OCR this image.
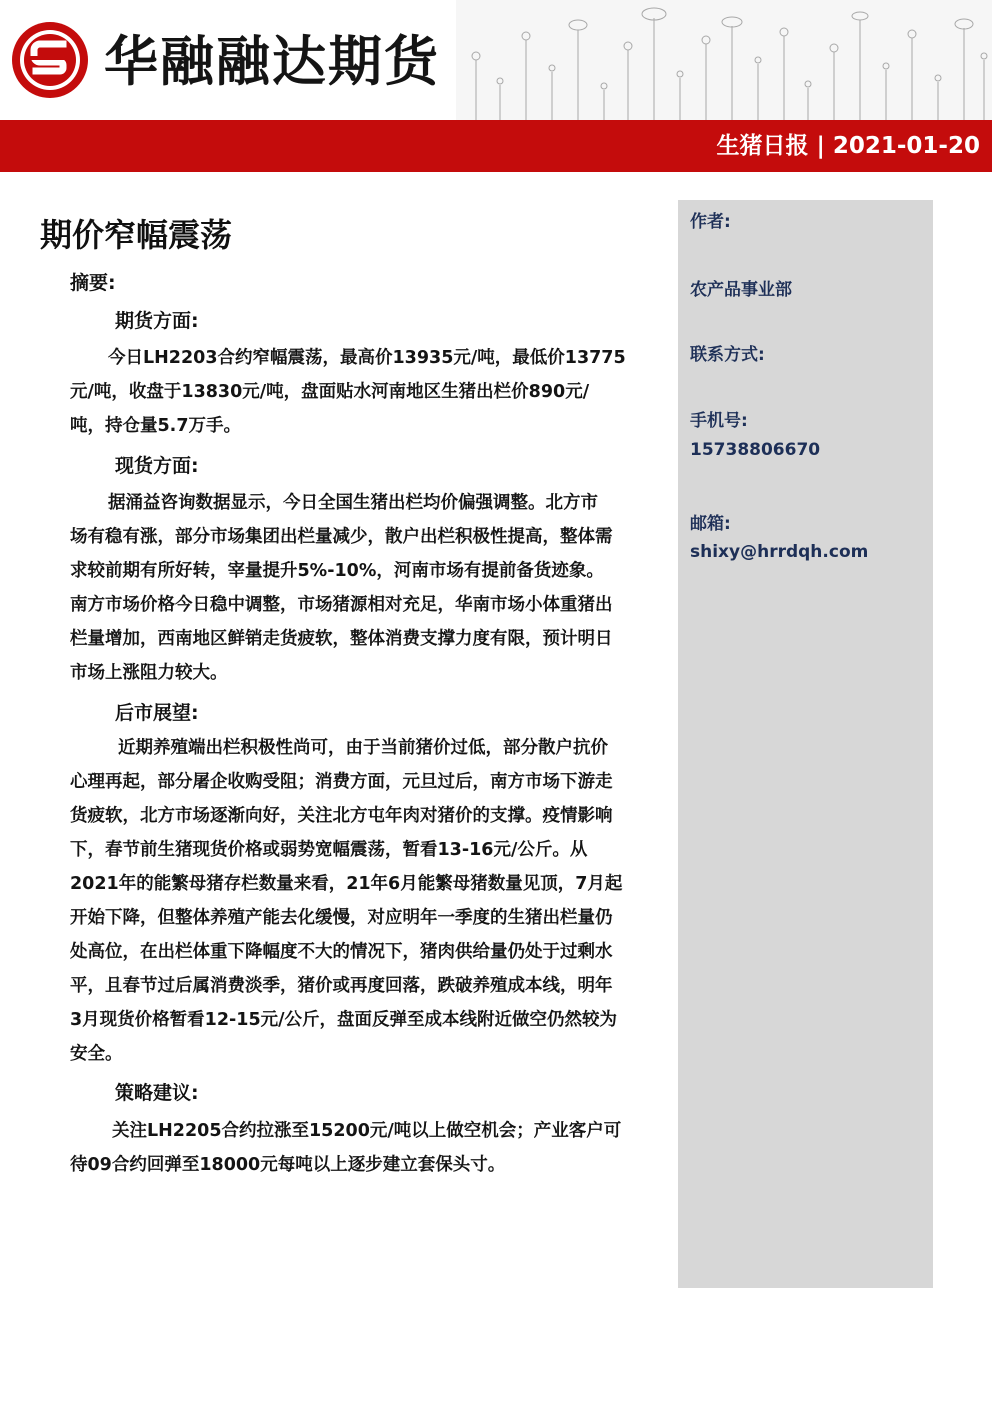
华融融达期货
生猪日报 | 2021-01-20
作者:
农产品事业部
联系方式:
手机号:
15738806670
邮箱:
shixy@hrrdqh.com
期价窄幅震荡
摘要:
期货方面:
今日LH2203合约窄幅震荡，最高价13935元/吨，最低价13775
元/吨，收盘于13830元/吨，盘面贴水河南地区生猪出栏价890元/
吨，持仓量5.7万手。
现货方面:
据涌益咨询数据显示，今日全国生猪出栏均价偏强调整。北方市
场有稳有涨，部分市场集团出栏量减少，散户出栏积极性提高，整体需
求较前期有所好转，宰量提升5%-10%，河南市场有提前备货迹象。
南方市场价格今日稳中调整，市场猪源相对充足，华南市场小体重猪出
栏量增加，西南地区鲜销走货疲软，整体消费支撑力度有限，预计明日
市场上涨阻力较大。
后市展望:
近期养殖端出栏积极性尚可，由于当前猪价过低，部分散户抗价
心理再起，部分屠企收购受阻；消费方面，元旦过后，南方市场下游走
货疲软，北方市场逐渐向好，关注北方屯年肉对猪价的支撑。疫情影响
下，春节前生猪现货价格或弱势宽幅震荡，暂看13-16元/公斤。从
2021年的能繁母猪存栏数量来看，21年6月能繁母猪数量见顶，7月起
开始下降，但整体养殖产能去化缓慢，对应明年一季度的生猪出栏量仍
处高位，在出栏体重下降幅度不大的情况下，猪肉供给量仍处于过剩水
平，且春节过后属消费淡季，猪价或再度回落，跌破养殖成本线，明年
3月现货价格暂看12-15元/公斤，盘面反弹至成本线附近做空仍然较为
安全。
策略建议:
关注LH2205合约拉涨至15200元/吨以上做空机会；产业客户可
待09合约回弹至18000元每吨以上逐步建立套保头寸。
